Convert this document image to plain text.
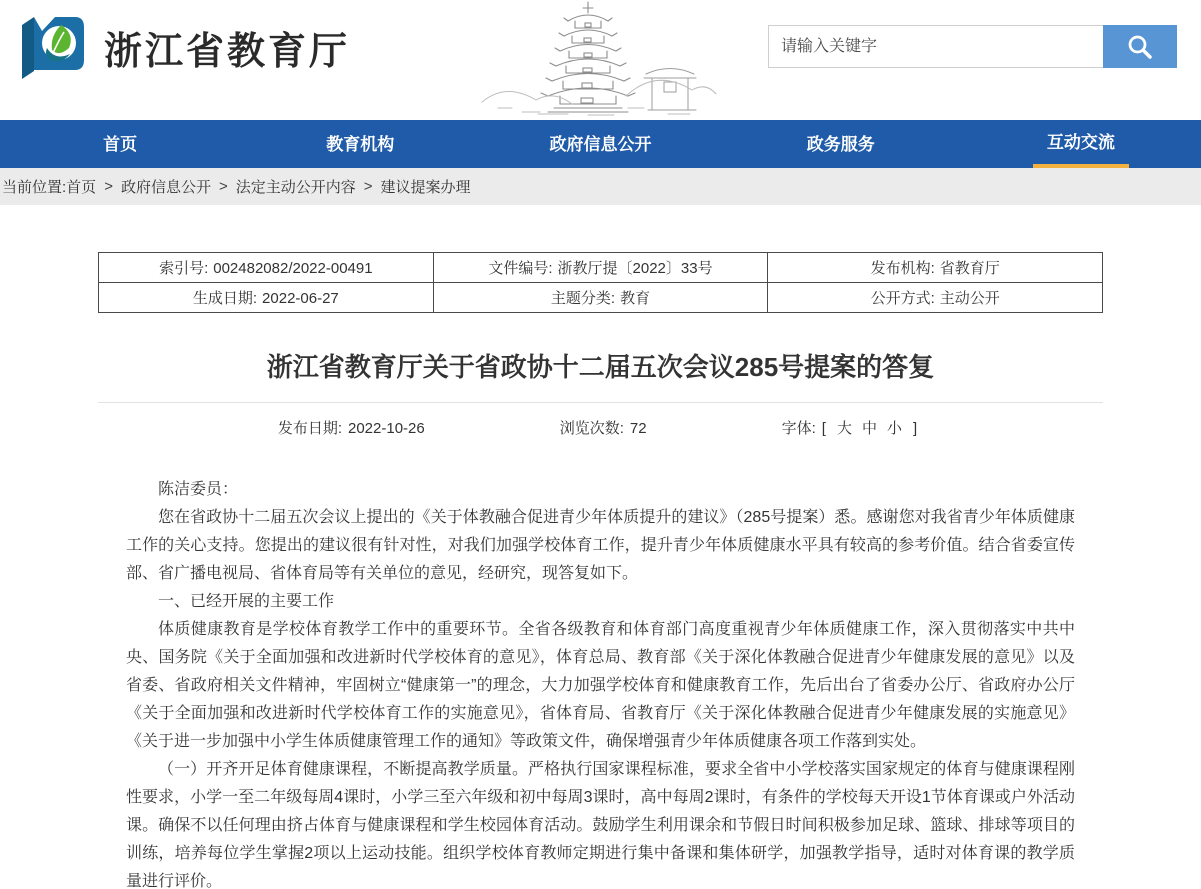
浙江省教育厅
请输入关键字
首页	教育机构	政府信息公开	政务服务	互动交流
当前位置: 首页 > 政府信息公开 > 法定主动公开内容 > 建议提案办理
索引号: 002482082/2022-00491	文件编号: 浙教厅提〔2022〕33号	发布机构: 省教育厅
生成日期: 2022-06-27	主题分类: 教育	公开方式: 主动公开
浙江省教育厅关于省政协十二届五次会议285号提案的答复
发布日期: 2022-10-26	浏览次数: 72	字体: [ 大 中 小 ]

陈洁委员：

您在省政协十二届五次会议上提出的《关于体教融合促进青少年体质提升的建议》（285号提案）悉。感谢您对我省青少年体质健康工作的关心支持。您提出的建议很有针对性，对我们加强学校体育工作，提升青少年体质健康水平具有较高的参考价值。结合省委宣传部、省广播电视局、省体育局等有关单位的意见，经研究，现答复如下。

一、已经开展的主要工作

体质健康教育是学校体育教学工作中的重要环节。全省各级教育和体育部门高度重视青少年体质健康工作，深入贯彻落实中共中央、国务院《关于全面加强和改进新时代学校体育的意见》，体育总局、教育部《关于深化体教融合促进青少年健康发展的意见》以及省委、省政府相关文件精神，牢固树立“健康第一”的理念，大力加强学校体育和健康教育工作，先后出台了省委办公厅、省政府办公厅《关于全面加强和改进新时代学校体育工作的实施意见》，省体育局、省教育厅《关于深化体教融合促进青少年健康发展的实施意见》《关于进一步加强中小学生体质健康管理工作的通知》等政策文件，确保增强青少年体质健康各项工作落到实处。

（一）开齐开足体育健康课程，不断提高教学质量。严格执行国家课程标准，要求全省中小学校落实国家规定的体育与健康课程刚性要求，小学一至二年级每周4课时，小学三至六年级和初中每周3课时，高中每周2课时，有条件的学校每天开设1节体育课或户外活动课。确保不以任何理由挤占体育与健康课程和学生校园体育活动。鼓励学生利用课余和节假日时间积极参加足球、篮球、排球等项目的训练，培养每位学生掌握2项以上运动技能。组织学校体育教师定期进行集中备课和集体研学，加强教学指导，适时对体育课的教学质量进行评价。
